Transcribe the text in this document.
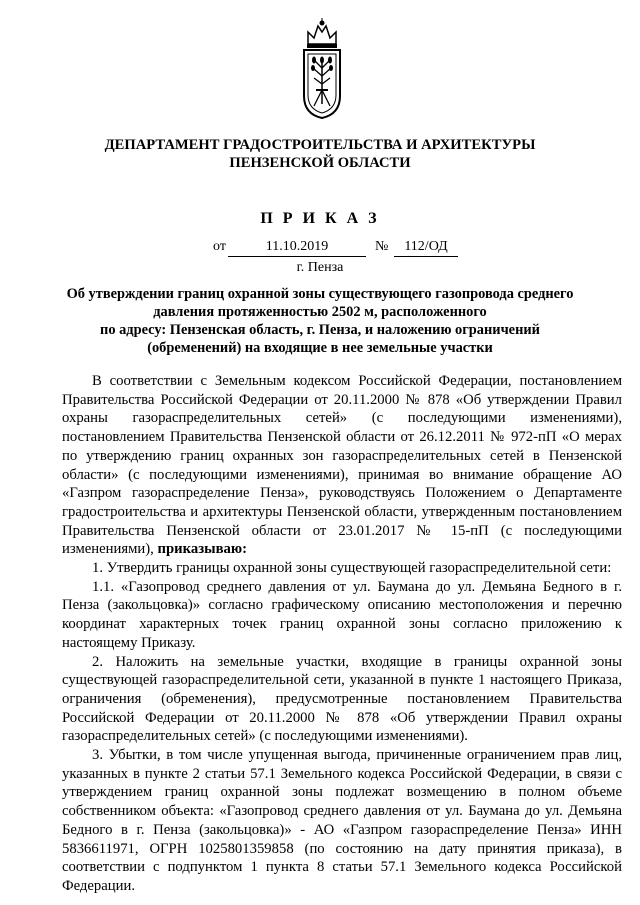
ДЕПАРТАМЕНТ ГРАДОСТРОИТЕЛЬСТВА И АРХИТЕКТУРЫ
ПЕНЗЕНСКОЙ ОБЛАСТИ
П Р И К А З
от	11.10.2019	№	112/ОД
г. Пенза
Об утверждении границ охранной зоны существующего газопровода среднего
давления протяженностью 2502 м, расположенного
по адресу: Пензенская область, г. Пенза, и наложению ограничений
(обременений) на входящие в нее земельные участки

В соответствии с Земельным кодексом Российской Федерации, постановлением Правительства Российской Федерации от 20.11.2000 № 878 «Об утверждении Правил охраны газораспределительных сетей» (с последующими изменениями), постановлением Правительства Пензенской области от 26.12.2011 № 972-пП «О мерах по утверждению границ охранных зон газораспределительных сетей в Пензенской области» (с последующими изменениями), принимая во внимание обращение АО «Газпром газораспределение Пенза», руководствуясь Положением о Департаменте градостроительства и архитектуры Пензенской области, утвержденным постановлением Правительства Пензенской области от 23.01.2017 № 15-пП (с последующими изменениями), приказываю:

1. Утвердить границы охранной зоны существующей газораспределительной сети:

1.1. «Газопровод среднего давления от ул. Баумана до ул. Демьяна Бедного в г. Пенза (закольцовка)» согласно графическому описанию местоположения и перечню координат характерных точек границ охранной зоны согласно приложению к настоящему Приказу.

2. Наложить на земельные участки, входящие в границы охранной зоны существующей газораспределительной сети, указанной в пункте 1 настоящего Приказа, ограничения (обременения), предусмотренные постановлением Правительства Российской Федерации от 20.11.2000 № 878 «Об утверждении Правил охраны газораспределительных сетей» (с последующими изменениями).

3. Убытки, в том числе упущенная выгода, причиненные ограничением прав лиц, указанных в пункте 2 статьи 57.1 Земельного кодекса Российской Федерации, в связи с утверждением границ охранной зоны подлежат возмещению в полном объеме собственником объекта: «Газопровод среднего давления от ул. Баумана до ул. Демьяна Бедного в г. Пенза (закольцовка)» - АО «Газпром газораспределение Пенза» ИНН 5836611971, ОГРН 1025801359858 (по состоянию на дату принятия приказа), в соответствии с подпунктом 1 пункта 8 статьи 57.1 Земельного кодекса Российской Федерации.
